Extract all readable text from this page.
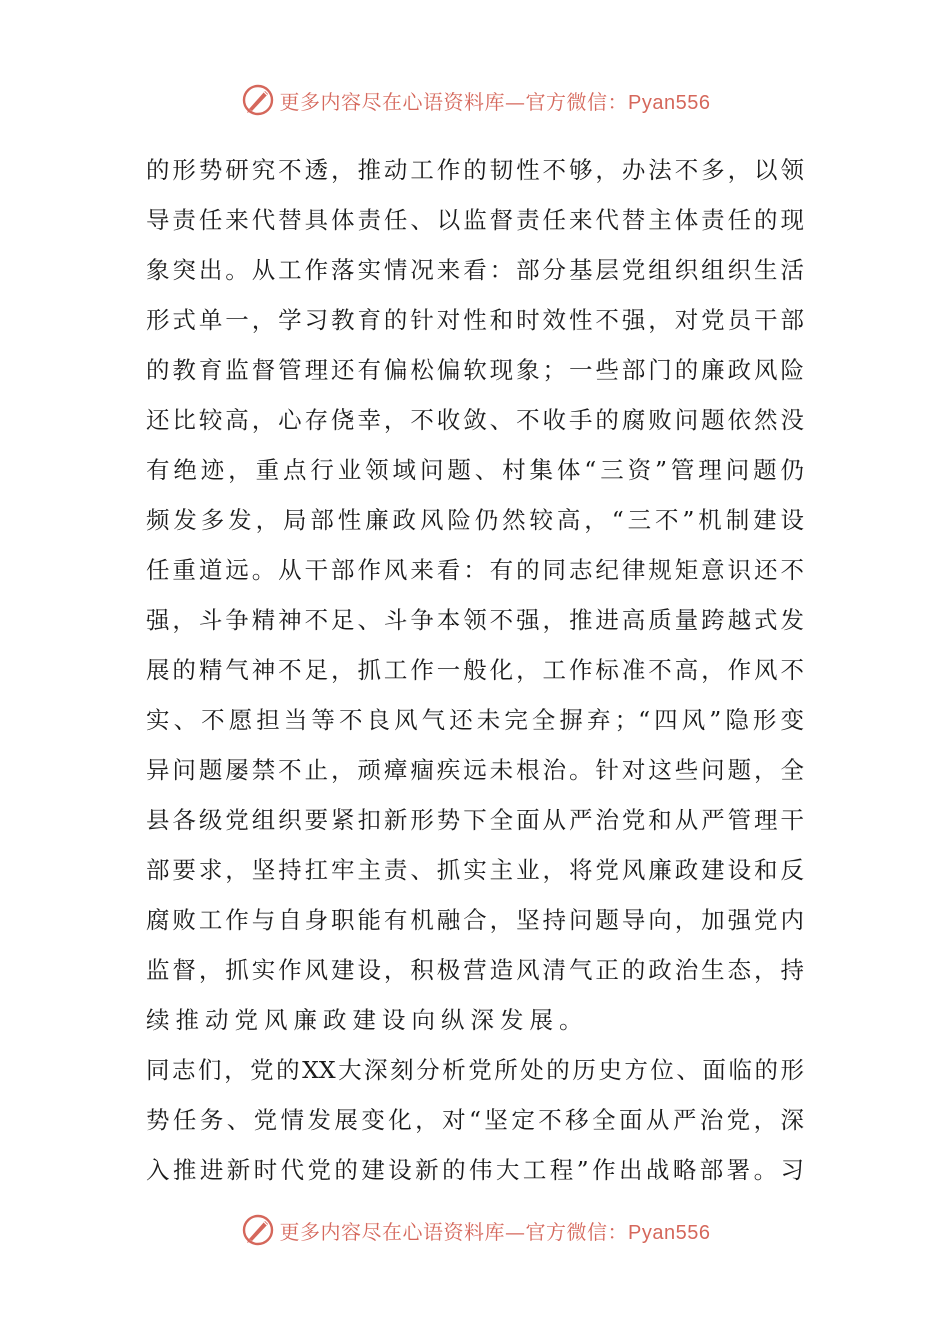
更多内容尽在心语资料库—官方微信：Pyan556
的形势研究不透，推动工作的韧性不够，办法不多，以领
导责任来代替具体责任、以监督责任来代替主体责任的现
象突出。从工作落实情况来看：部分基层党组织组织生活
形式单一，学习教育的针对性和时效性不强，对党员干部
的教育监督管理还有偏松偏软现象；一些部门的廉政风险
还比较高，心存侥幸，不收敛、不收手的腐败问题依然没
有绝迹，重点行业领域问题、村集体“三资”管理问题仍
频发多发，局部性廉政风险仍然较高，“三不”机制建设
任重道远。从干部作风来看：有的同志纪律规矩意识还不
强，斗争精神不足、斗争本领不强，推进高质量跨越式发
展的精气神不足，抓工作一般化，工作标准不高，作风不
实、不愿担当等不良风气还未完全摒弃；“四风”隐形变
异问题屡禁不止，顽瘴痼疾远未根治。针对这些问题，全
县各级党组织要紧扣新形势下全面从严治党和从严管理干
部要求，坚持扛牢主责、抓实主业，将党风廉政建设和反
腐败工作与自身职能有机融合，坚持问题导向，加强党内
监督，抓实作风建设，积极营造风清气正的政治生态，持
续推动党风廉政建设向纵深发展。
同志们，党的XX大深刻分析党所处的历史方位、面临的形
势任务、党情发展变化，对“坚定不移全面从严治党，深
入推进新时代党的建设新的伟大工程”作出战略部署。习
更多内容尽在心语资料库—官方微信：Pyan556
